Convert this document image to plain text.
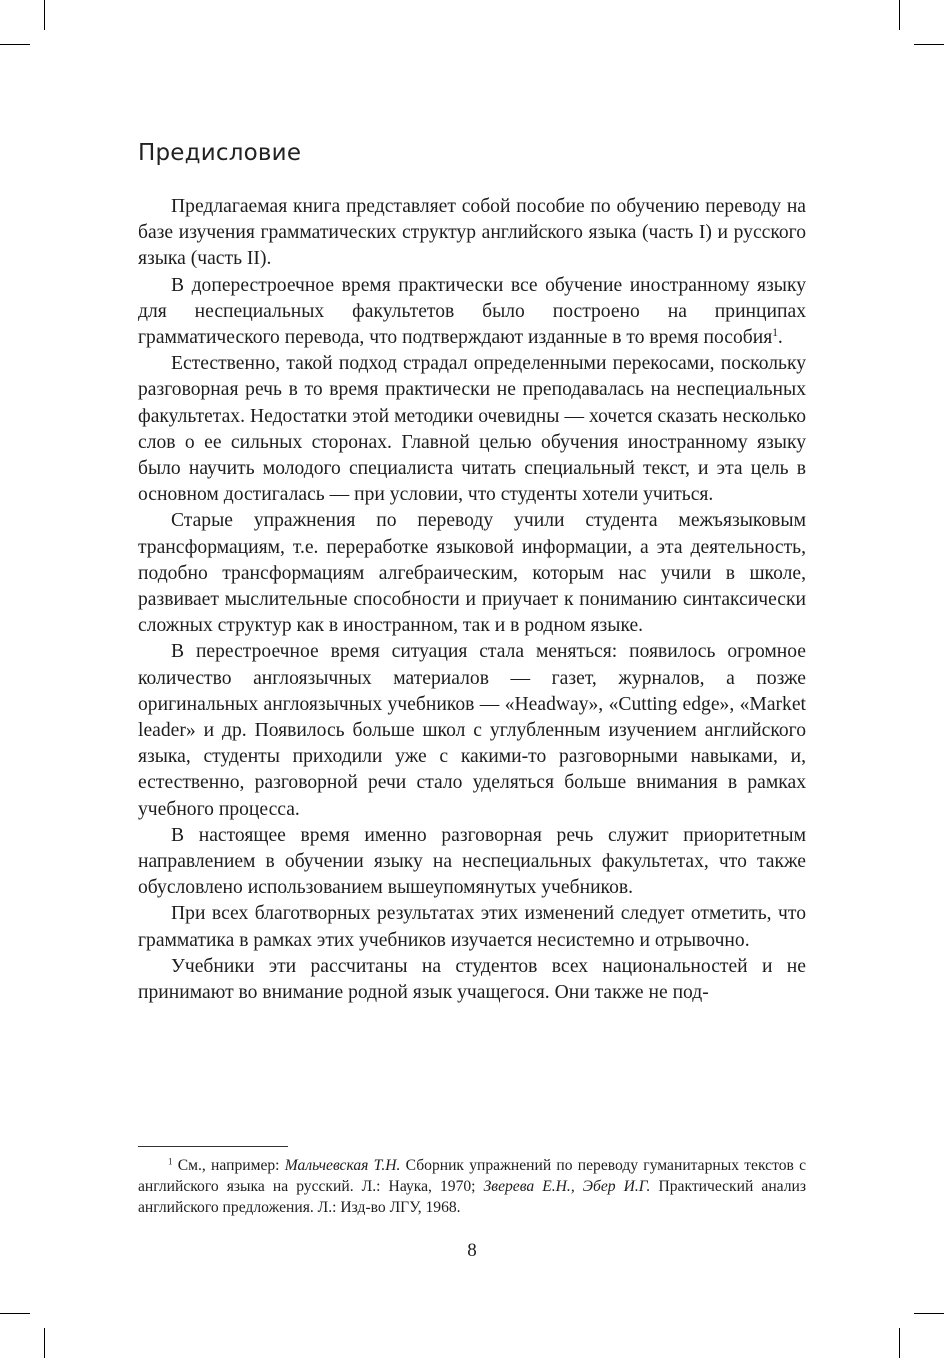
Предисловие

Предлагаемая книга представляет собой пособие по обучению переводу на базе изучения грамматических структур английского языка (часть I) и русского языка (часть II).

В доперестроечное время практически все обучение иностранному языку для неспециальных факультетов было построено на принципах грамматического перевода, что подтверждают изданные в то время пособия$^1$.

Естественно, такой подход страдал определенными перекосами, поскольку разговорная речь в то время практически не преподавалась на неспециальных факультетах. Недостатки этой методики очевидны — хочется сказать несколько слов о ее сильных сторонах. Главной целью обучения иностранному языку было научить молодого специалиста читать специальный текст, и эта цель в основном достигалась — при условии, что студенты хотели учиться.

Старые упражнения по переводу учили студента межъязыковым трансформациям, т.е. переработке языковой информации, а эта деятельность, подобно трансформациям алгебраическим, которым нас учили в школе, развивает мыслительные способности и приучает к пониманию синтаксически сложных структур как в иностранном, так и в родном языке.

В перестроечное время ситуация стала меняться: появилось огромное количество англоязычных материалов — газет, журналов, а позже оригинальных англоязычных учебников — «Headway», «Cutting edge», «Market leader» и др. Появилось больше школ с углубленным изучением английского языка, студенты приходили уже с какими-то разговорными навыками, и, естественно, разговорной речи стало уделяться больше внимания в рамках учебного процесса.

В настоящее время именно разговорная речь служит приоритетным направлением в обучении языку на неспециальных факультетах, что также обусловлено использованием вышеупомянутых учебников.

При всех благотворных результатах этих изменений следует отметить, что грамматика в рамках этих учебников изучается несистемно и отрывочно.

Учебники эти рассчитаны на студентов всех национальностей и не принимают во внимание родной язык учащегося. Они также не под-

$^1$ См., например: Мальчевская Т.Н. Сборник упражнений по переводу гуманитарных текстов с английского языка на русский. Л.: Наука, 1970; Зверева Е.Н., Эбер И.Г. Практический анализ английского предложения. Л.: Изд-во ЛГУ, 1968.

8
